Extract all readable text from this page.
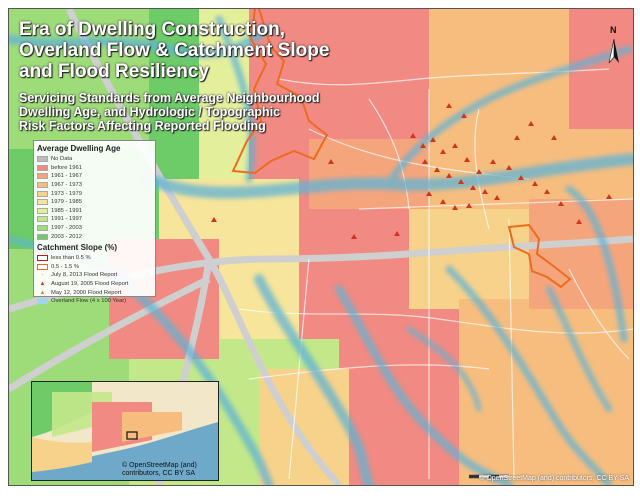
Era of Dwelling Construction,
Overland Flow & Catchment Slope
and Flood Resiliency
Servicing Standards from Average Neighbourhood
Dwelling Age, and Hydrologic / Topographic
Risk Factors Affecting Reported Flooding
Average Dwelling Age
No Data
before 1961
1961 - 1967
1967 - 1973
1973 - 1979
1979 - 1985
1985 - 1991
1991 - 1997
1997 - 2003
2003 - 2012
Catchment Slope (%)
less than 0.5 %
0.5 - 1.5 %
·	July 8, 2013 Flood Report
▲ August 19, 2005 Flood Report
▲ May 12, 2000 Flood Report
Overland Flow (4 x 100 Year)
N
© OpenStreetMap (and)
contributors, CC BY SA
© OpenStreetMap (and) contributors, CC BY SA
